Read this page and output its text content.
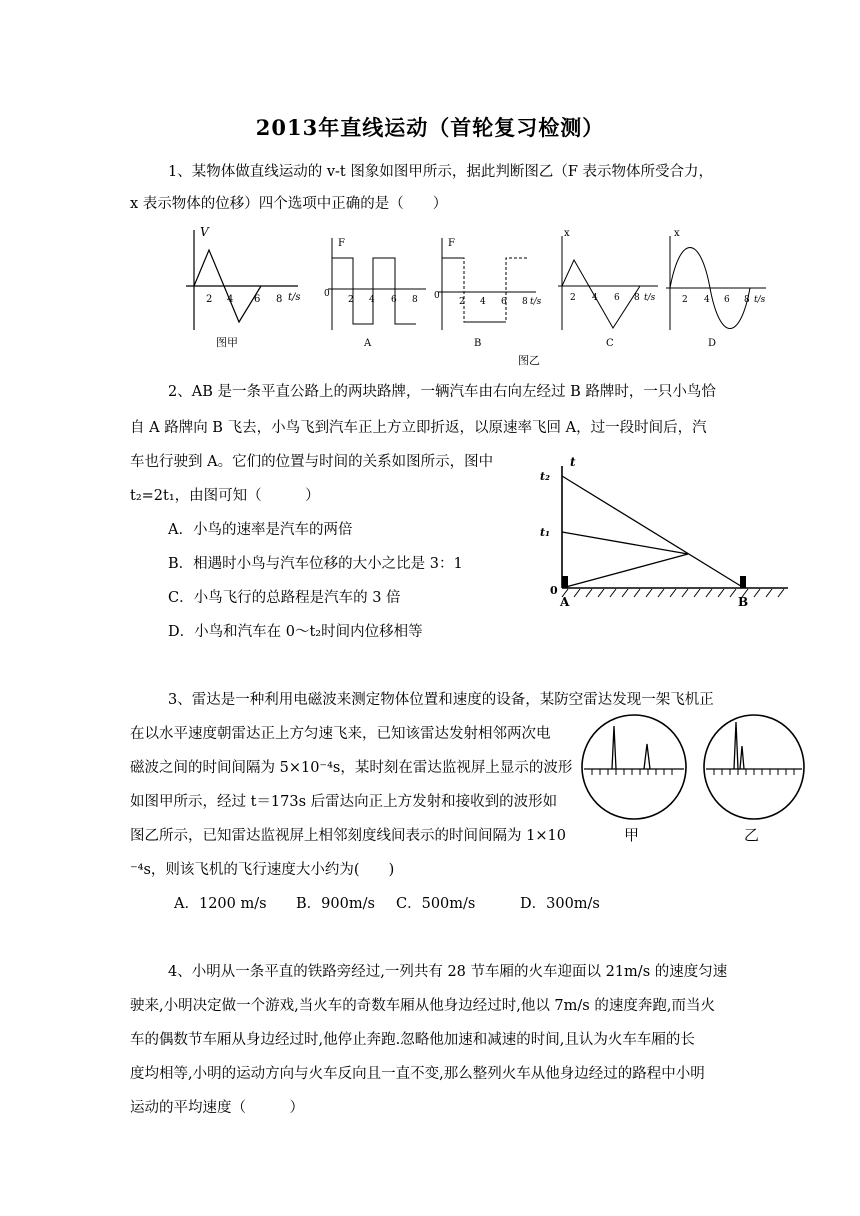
2013年直线运动（首轮复习检测）
1、某物体做直线运动的 v-t 图象如图甲所示，据此判断图乙（F 表示物体所受合力，
x 表示物体的位移）四个选项中正确的是（　　）
V
2 4 6 8 t/s
F
0
2 4 6 8
A
F
0
2 4 6 8 t/s
B
x
2 4 6 8 t/s
C
x
2 4 6 8 t/s
D
图甲
图乙
2、AB 是一条平直公路上的两块路牌，一辆汽车由右向左经过 B 路牌时，一只小鸟恰
自 A 路牌向 B 飞去，小鸟飞到汽车正上方立即折返，以原速率飞回 A，过一段时间后，汽
车也行驶到 A。它们的位置与时间的关系如图所示，图中
t₂=2t₁，由图可知（　　　）
A．小鸟的速率是汽车的两倍
B．相遇时小鸟与汽车位移的大小之比是 3：1
C．小鸟飞行的总路程是汽车的 3 倍
D．小鸟和汽车在 0～t₂时间内位移相等
t
t₂
t₁
0
A	B
3、雷达是一种利用电磁波来测定物体位置和速度的设备，某防空雷达发现一架飞机正
在以水平速度朝雷达正上方匀速飞来，已知该雷达发射相邻两次电
磁波之间的时间间隔为 5×10⁻⁴s，某时刻在雷达监视屏上显示的波形
如图甲所示，经过 t＝173s 后雷达向正上方发射和接收到的波形如
图乙所示，已知雷达监视屏上相邻刻度线间表示的时间间隔为 1×10
⁻⁴s，则该飞机的飞行速度大小约为(　　)
A．1200 m/s B．900m/s C．500m/s	D．300m/s
甲	乙
4、小明从一条平直的铁路旁经过,一列共有 28 节车厢的火车迎面以 21m/s 的速度匀速
驶来,小明决定做一个游戏,当火车的奇数车厢从他身边经过时,他以 7m/s 的速度奔跑,而当火
车的偶数节车厢从身边经过时,他停止奔跑.忽略他加速和减速的时间,且认为火车车厢的长
度均相等,小明的运动方向与火车反向且一直不变,那么整列火车从他身边经过的路程中小明
运动的平均速度（　　　）
